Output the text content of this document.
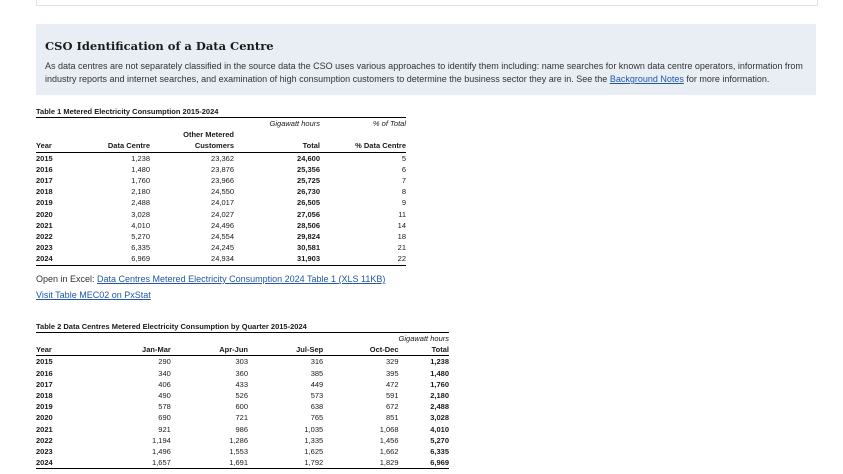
CSO Identification of a Data Centre
As data centres are not separately classified in the source data the CSO uses various approaches to identify them including: name searches for known data centre operators, information from industry reports and internet searches, and examination of high consumption customers to determine the business sector they are in. See the Background Notes for more information.
Table 1 Metered Electricity Consumption 2015-2024
			Gigawatt hours	% of Total
		Other Metered		
Year	Data Centre	Customers	Total	% Data Centre
2015	1,238	23,362	24,600	5
2016	1,480	23,876	25,356	6
2017	1,760	23,966	25,725	7
2018	2,180	24,550	26,730	8
2019	2,488	24,017	26,505	9
2020	3,028	24,027	27,056	11
2021	4,010	24,496	28,506	14
2022	5,270	24,554	29,824	18
2023	6,335	24,245	30,581	21
2024	6,969	24,934	31,903	22
Open in Excel: Data Centres Metered Electricity Consumption 2024 Table 1 (XLS 11KB)
Visit Table MEC02 on PxStat
Table 2 Data Centres Metered Electricity Consumption by Quarter 2015-2024
					Gigawatt hours
Year	Jan-Mar	Apr-Jun	Jul-Sep	Oct-Dec	Total
2015	290	303	316	329	1,238
2016	340	360	385	395	1,480
2017	406	433	449	472	1,760
2018	490	526	573	591	2,180
2019	578	600	638	672	2,488
2020	690	721	765	851	3,028
2021	921	986	1,035	1,068	4,010
2022	1,194	1,286	1,335	1,456	5,270
2023	1,496	1,553	1,625	1,662	6,335
2024	1,657	1,691	1,792	1,829	6,969
